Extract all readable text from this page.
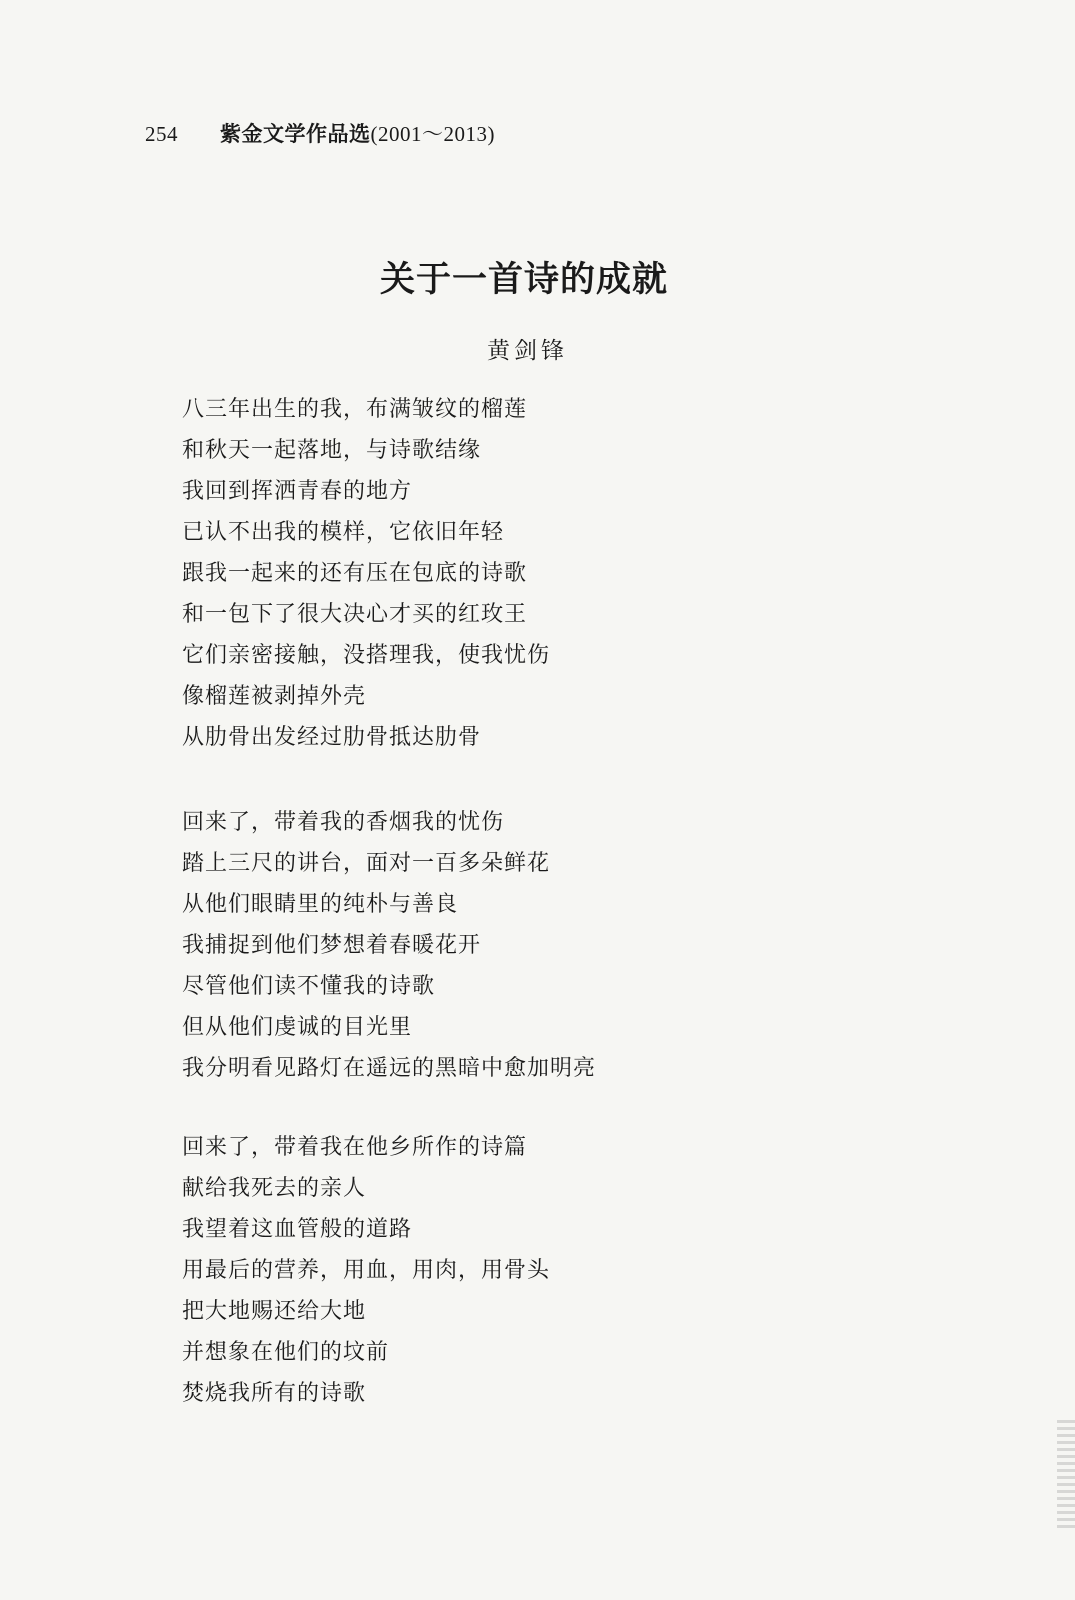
254 紫金文学作品选(2001～2013)
关于一首诗的成就
黄剑锋
八三年出生的我，布满皱纹的榴莲
和秋天一起落地，与诗歌结缘
我回到挥洒青春的地方
已认不出我的模样，它依旧年轻
跟我一起来的还有压在包底的诗歌
和一包下了很大决心才买的红玫王
它们亲密接触，没搭理我，使我忧伤
像榴莲被剥掉外壳
从肋骨出发经过肋骨抵达肋骨
回来了，带着我的香烟我的忧伤
踏上三尺的讲台，面对一百多朵鲜花
从他们眼睛里的纯朴与善良
我捕捉到他们梦想着春暖花开
尽管他们读不懂我的诗歌
但从他们虔诚的目光里
我分明看见路灯在遥远的黑暗中愈加明亮
回来了，带着我在他乡所作的诗篇
献给我死去的亲人
我望着这血管般的道路
用最后的营养，用血，用肉，用骨头
把大地赐还给大地
并想象在他们的坟前
焚烧我所有的诗歌
